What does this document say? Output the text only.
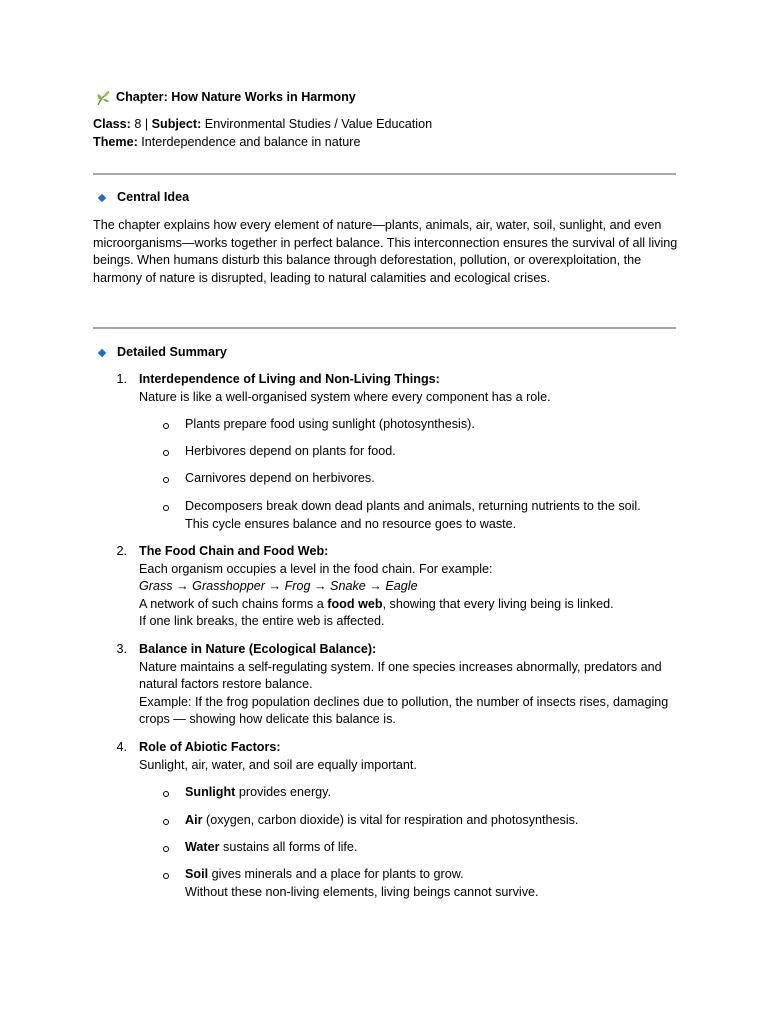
Chapter: How Nature Works in Harmony
Class: 8 | Subject: Environmental Studies / Value Education
Theme: Interdependence and balance in nature
Central Idea
The chapter explains how every element of nature—plants, animals, air, water, soil, sunlight, and even microorganisms—works together in perfect balance. This interconnection ensures the survival of all living beings. When humans disturb this balance through deforestation, pollution, or overexploitation, the harmony of nature is disrupted, leading to natural calamities and ecological crises.
Detailed Summary
1. Interdependence of Living and Non-Living Things:
Nature is like a well-organised system where every component has a role.
Plants prepare food using sunlight (photosynthesis).
Herbivores depend on plants for food.
Carnivores depend on herbivores.
Decomposers break down dead plants and animals, returning nutrients to the soil.
This cycle ensures balance and no resource goes to waste.
2. The Food Chain and Food Web:
Each organism occupies a level in the food chain. For example:
Grass → Grasshopper → Frog → Snake → Eagle
A network of such chains forms a food web, showing that every living being is linked.
If one link breaks, the entire web is affected.
3. Balance in Nature (Ecological Balance):
Nature maintains a self-regulating system. If one species increases abnormally, predators and natural factors restore balance.
Example: If the frog population declines due to pollution, the number of insects rises, damaging crops — showing how delicate this balance is.
4. Role of Abiotic Factors:
Sunlight, air, water, and soil are equally important.
Sunlight provides energy.
Air (oxygen, carbon dioxide) is vital for respiration and photosynthesis.
Water sustains all forms of life.
Soil gives minerals and a place for plants to grow.
Without these non-living elements, living beings cannot survive.
